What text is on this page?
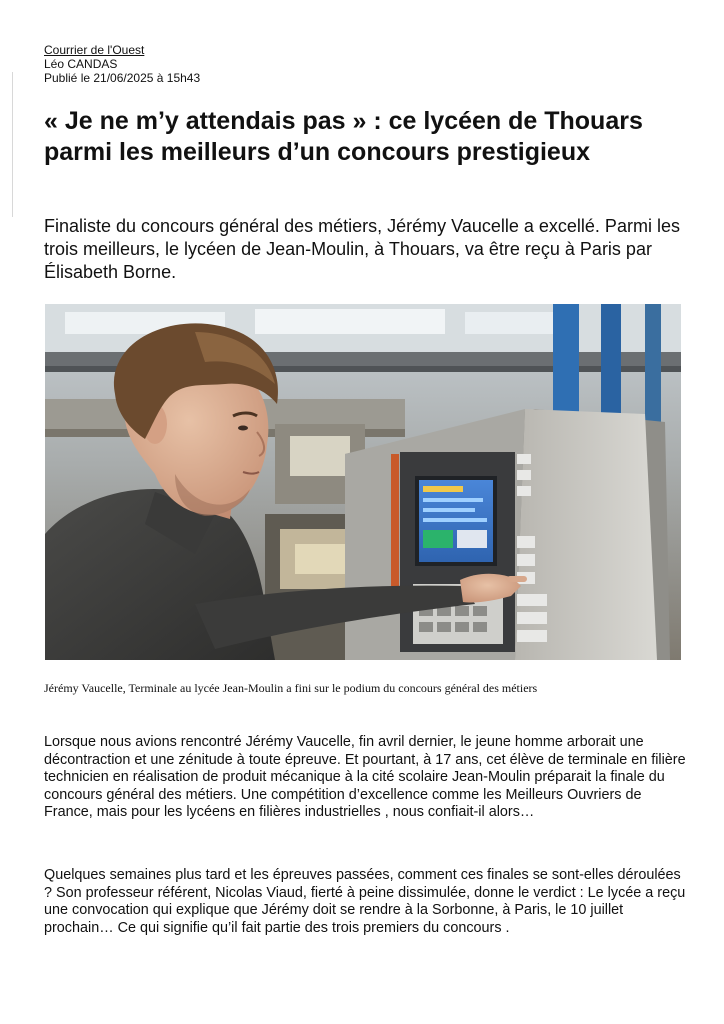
Courrier de l'Ouest
Léo CANDAS
Publié le 21/06/2025 à 15h43
« Je ne m’y attendais pas » : ce lycéen de Thouars parmi les meilleurs d’un concours prestigieux

Finaliste du concours général des métiers, Jérémy Vaucelle a excellé. Parmi les trois meilleurs, le lycéen de Jean-Moulin, à Thouars, va être reçu à Paris par Élisabeth Borne.

Jérémy Vaucelle, Terminale au lycée Jean-Moulin a fini sur le podium du concours général des métiers

Lorsque nous avions rencontré Jérémy Vaucelle, fin avril dernier, le jeune homme arborait une décontraction et une zénitude à toute épreuve. Et pourtant, à 17 ans, cet élève de terminale en filière technicien en réalisation de produit mécanique à la cité scolaire Jean-Moulin préparait la finale du concours général des métiers. Une compétition d’excellence comme les Meilleurs Ouvriers de France, mais pour les lycéens en filières industrielles , nous confiait-il alors…

Quelques semaines plus tard et les épreuves passées, comment ces finales se sont-elles déroulées ? Son professeur référent, Nicolas Viaud, fierté à peine dissimulée, donne le verdict : Le lycée a reçu une convocation qui explique que Jérémy doit se rendre à la Sorbonne, à Paris, le 10 juillet prochain… Ce qui signifie qu’il fait partie des trois premiers du concours .
